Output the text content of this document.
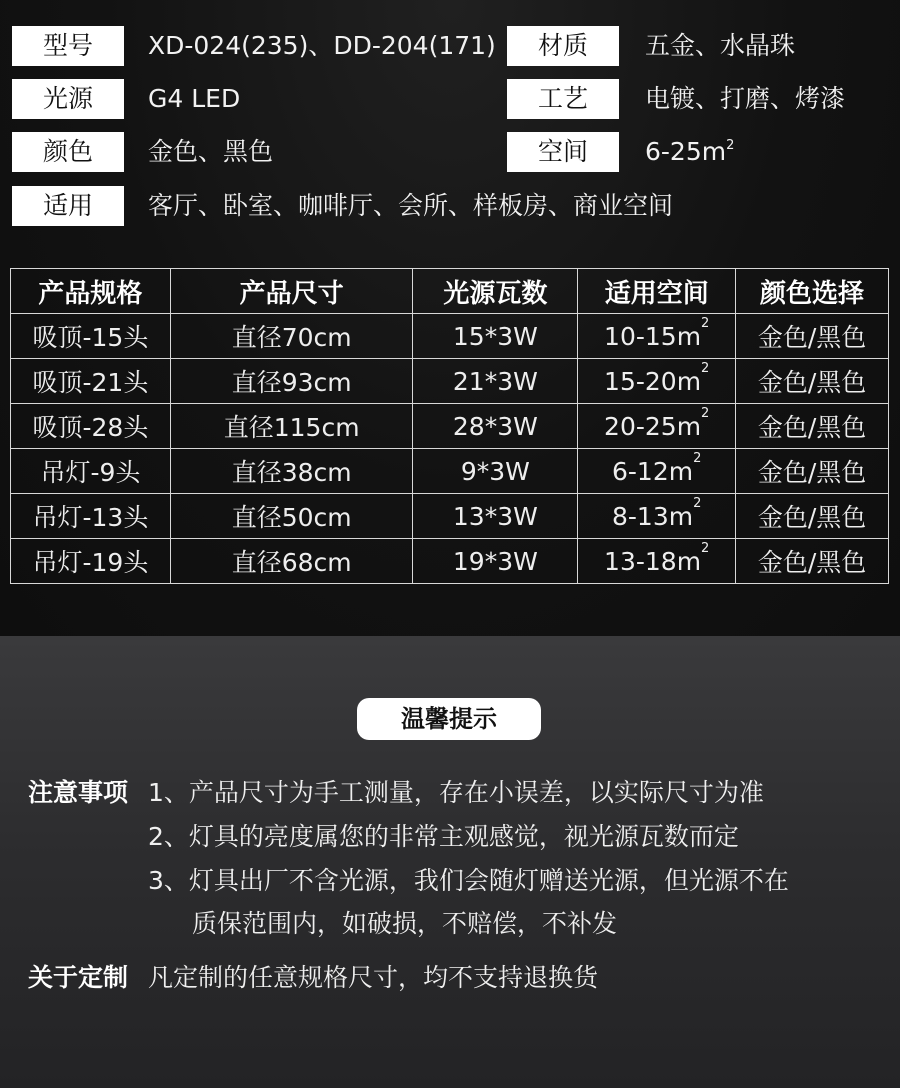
型号	XD-024(235)、DD-204(171)	材质	五金、水晶珠
光源	G4 LED	工艺	电镀、打磨、烤漆
颜色	金色、黑色	空间	$6-25m^2$
适用	客厅、卧室、咖啡厅、会所、样板房、商业空间
产品规格	产品尺寸	光源瓦数	适用空间	颜色选择
吸顶-15头	直径70cm	15*3W	$10-15m^2$	金色/黑色
吸顶-21头	直径93cm	21*3W	$15-20m^2$	金色/黑色
吸顶-28头	直径115cm	28*3W	$20-25m^2$	金色/黑色
吊灯-9头	直径38cm	9*3W	$6-12m^2$	金色/黑色
吊灯-13头	直径50cm	13*3W	$8-13m^2$	金色/黑色
吊灯-19头	直径68cm	19*3W	$13-18m^2$	金色/黑色
温馨提示
注意事项 1、产品尺寸为手工测量，存在小误差，以实际尺寸为准
2、灯具的亮度属您的非常主观感觉，视光源瓦数而定
3、灯具出厂不含光源，我们会随灯赠送光源，但光源不在
质保范围内，如破损，不赔偿，不补发
关于定制 凡定制的任意规格尺寸，均不支持退换货
